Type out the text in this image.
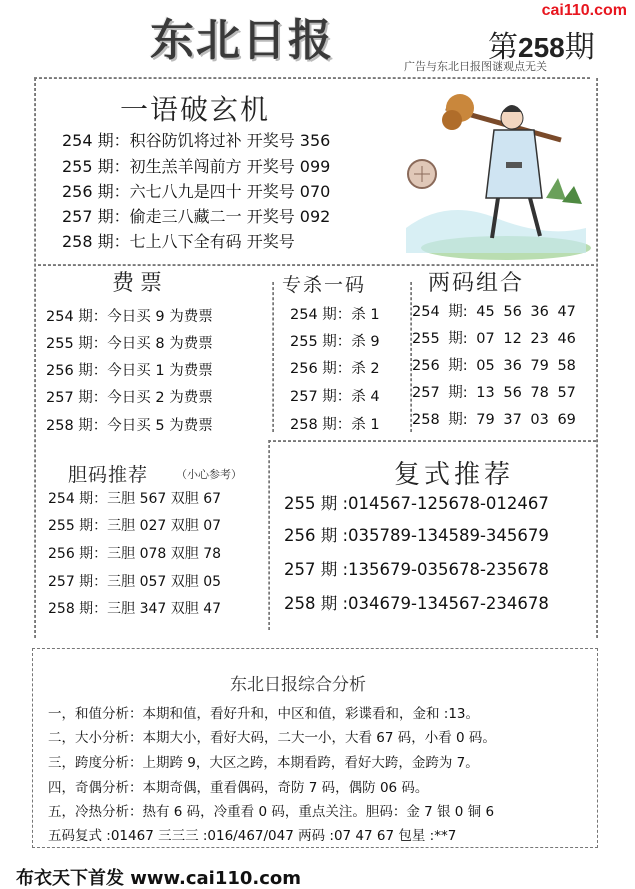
东北日报
cai110.com
第258期
广告与东北日报图谜观点无关
一语破玄机
254 期：积谷防饥将过补 开奖号 356
255 期：初生羔羊闯前方 开奖号 099
256 期：六七八九是四十 开奖号 070
257 期：偷走三八藏二一 开奖号 092
258 期：七上八下全有码 开奖号
费票
254 期：今日买 9 为费票
255 期：今日买 8 为费票
256 期：今日买 1 为费票
257 期：今日买 2 为费票
258 期：今日买 5 为费票
专杀一码
254 期：杀 1
255 期：杀 9
256 期：杀 2
257 期：杀 4
258 期：杀 1
两码组合
254 期: 45 56 36 47
255 期: 07 12 23 46
256 期: 05 36 79 58
257 期: 13 56 78 57
258 期: 79 37 03 69
胆码推荐	（小心参考）
254 期：三胆 567 双胆 67
255 期：三胆 027 双胆 07
256 期：三胆 078 双胆 78
257 期：三胆 057 双胆 05
258 期：三胆 347 双胆 47
复式推荐
255 期 :014567-125678-012467
256 期 :035789-134589-345679
257 期 :135679-035678-235678
258 期 :034679-134567-234678
东北日报综合分析
一，和值分析：本期和值，看好升和，中区和值，彩谍看和，金和 :13。
二，大小分析：本期大小，看好大码，二大一小，大看 67 码，小看 0 码。
三，跨度分析：上期跨 9，大区之跨，本期看跨，看好大跨，金跨为 7。
四，奇偶分析：本期奇偶，重看偶码，奇防 7 码，偶防 06 码。
五，冷热分析：热有 6 码，冷重看 0 码，重点关注。胆码：金 7 银 0 铜 6
五码复式 :01467 三三三 :016/467/047 两码 :07 47 67 包星 :**7
布衣天下首发 www.cai110.com
